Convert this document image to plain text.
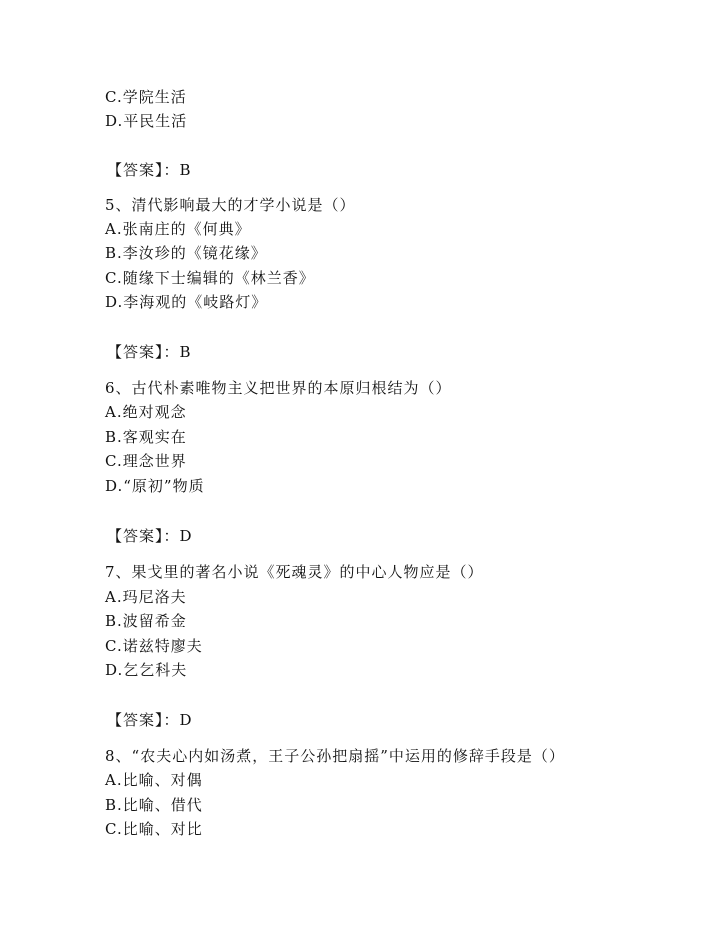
C.学院生活
D.平民生活
【答案】：B
5、清代影响最大的才学小说是（）
A.张南庄的《何典》
B.李汝珍的《镜花缘》
C.随缘下士编辑的《林兰香》
D.李海观的《岐路灯》
【答案】：B
6、古代朴素唯物主义把世界的本原归根结为（）
A.绝对观念
B.客观实在
C.理念世界
D.“原初”物质
【答案】：D
7、果戈里的著名小说《死魂灵》的中心人物应是（）
A.玛尼洛夫
B.波留希金
C.诺兹特廖夫
D.乞乞科夫
【答案】：D
8、“农夫心内如汤煮，王子公孙把扇摇”中运用的修辞手段是（）
A.比喻、对偶
B.比喻、借代
C.比喻、对比
